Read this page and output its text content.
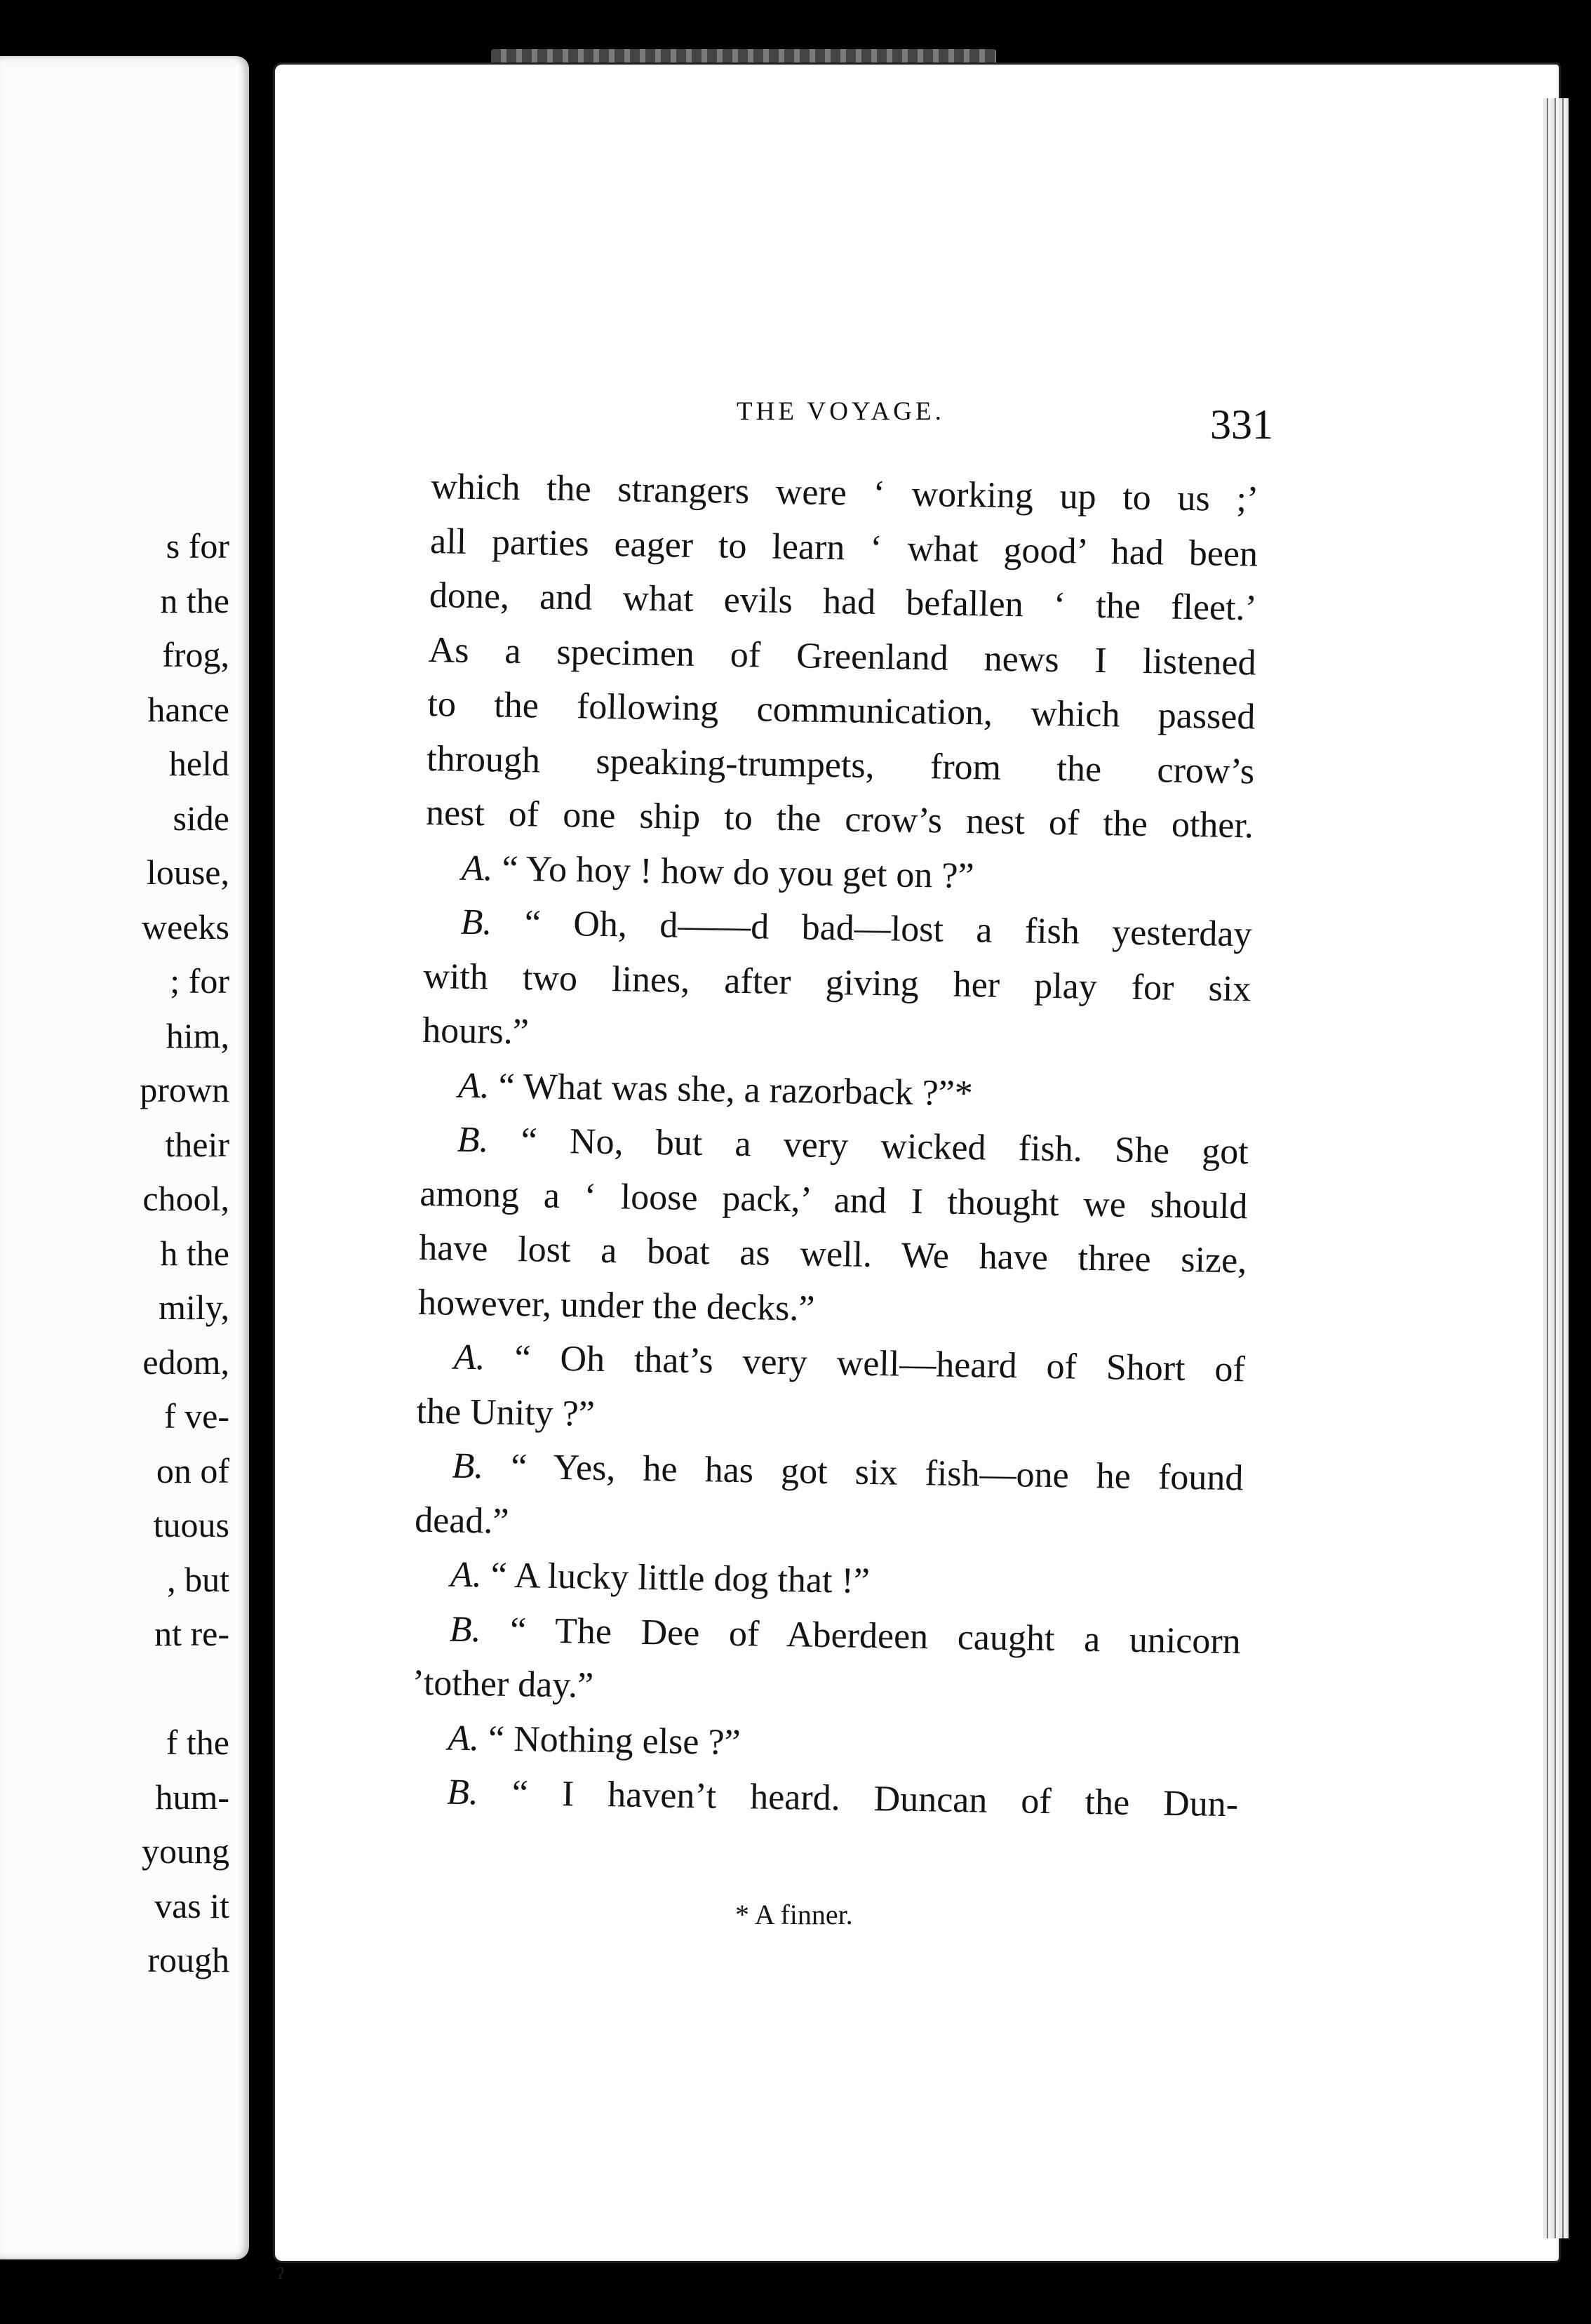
s for
n the
frog,
hance
held
side
louse,
weeks
; for
him,
prown
their
chool,
h the
mily,
edom,
f ve-
on of
tuous
, but
nt re-
f the
hum-
young
vas it
rough
THE VOYAGE.	331
which the strangers were ‘ working up to us ;’
all parties eager to learn ‘ what good’ had been
done, and what evils had befallen ‘ the fleet.’
As a specimen of Greenland news I listened
to the following communication, which passed
through speaking-trumpets, from the crow’s
nest of one ship to the crow’s nest of the other.
A. “ Yo hoy ! how do you get on ?”
B. “ Oh, d——d bad—lost a fish yesterday
with two lines, after giving her play for six
hours.”
A. “ What was she, a razorback ?”*
B. “ No, but a very wicked fish. She got
among a ‘ loose pack,’ and I thought we should
have lost a boat as well. We have three size,
however, under the decks.”
A. “ Oh that’s very well—heard of Short of
the Unity ?”
B. “ Yes, he has got six fish—one he found
dead.”
A. “ A lucky little dog that !”
B. “ The Dee of Aberdeen caught a unicorn
’tother day.”
A. “ Nothing else ?”
B. “ I haven’t heard. Duncan of the Dun-
* A finner.
ˀ
